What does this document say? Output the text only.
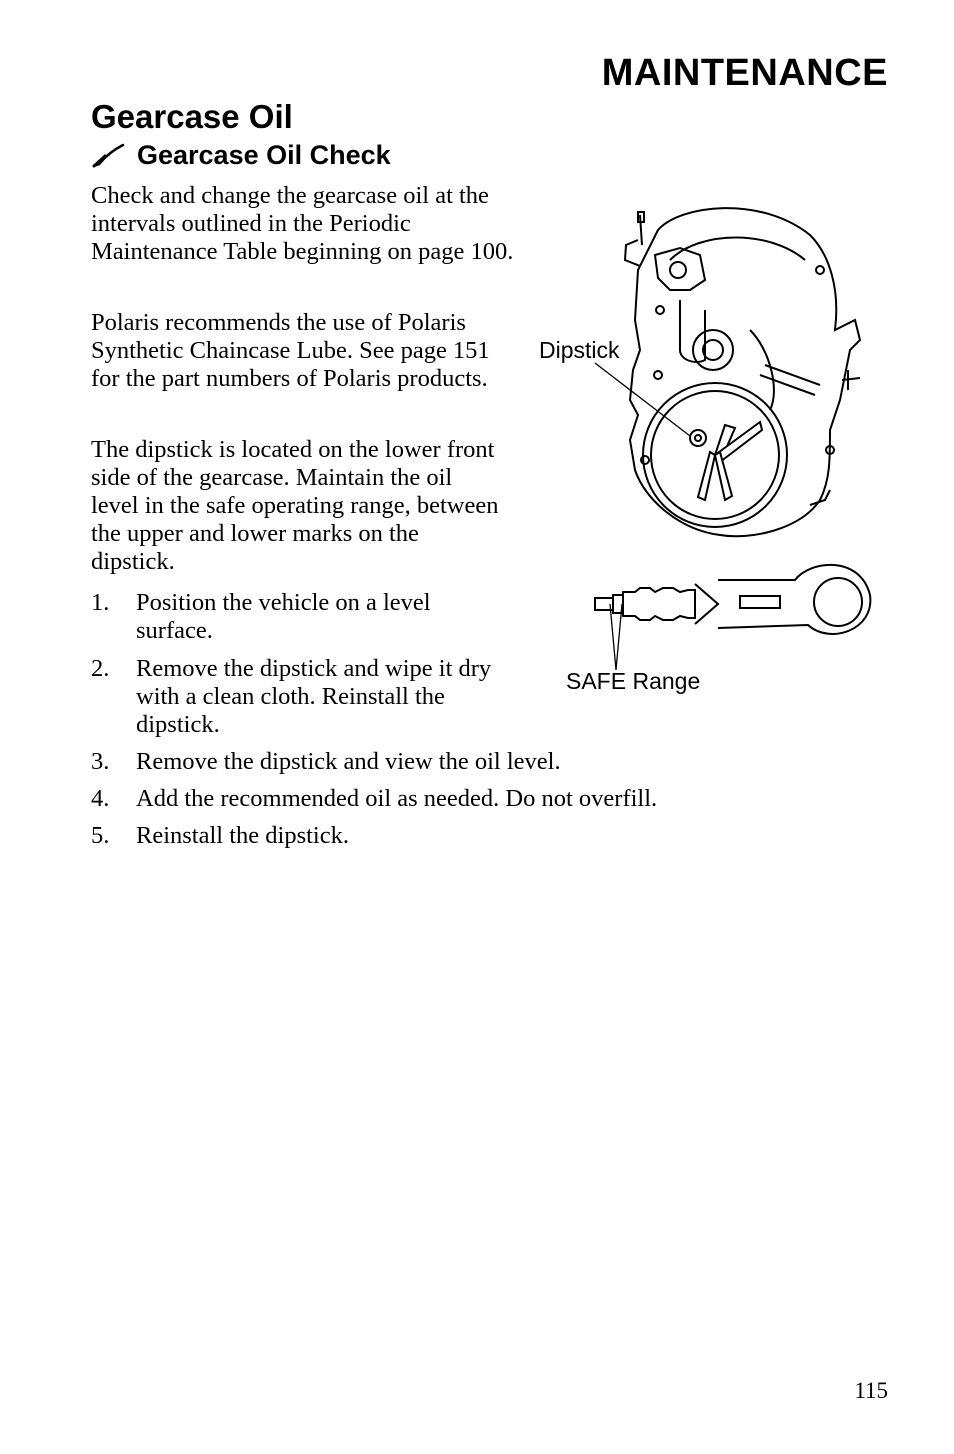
MAINTENANCE
Gearcase Oil
Gearcase Oil Check

Check and change the gearcase oil at the intervals outlined in the Periodic Maintenance Table beginning on page 100.

Polaris recommends the use of Polaris Synthetic Chaincase Lube. See page 151 for the part numbers of Polaris products.

The dipstick is located on the lower front side of the gearcase. Maintain the oil level in the safe operating range, between the upper and lower marks on the dipstick.

1. Position the vehicle on a level surface.
2. Remove the dipstick and wipe it dry with a clean cloth. Reinstall the dipstick.
3. Remove the dipstick and view the oil level.
4. Add the recommended oil as needed. Do not overfill.
5. Reinstall the dipstick.
Dipstick
SAFE Range
115
